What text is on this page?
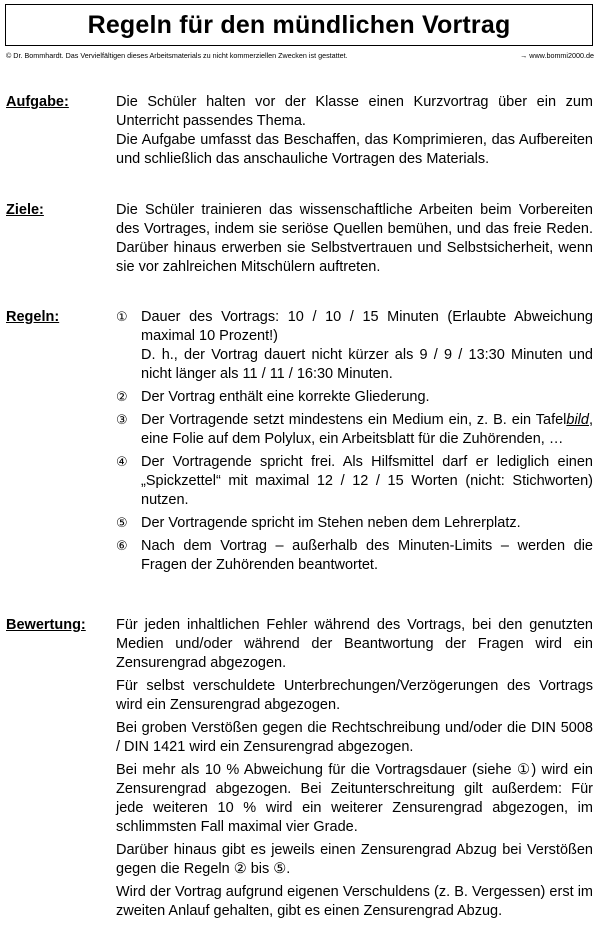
Regeln für den mündlichen Vortrag
© Dr. Bommhardt. Das Vervielfältigen dieses Arbeitsmaterials zu nicht kommerziellen Zwecken ist gestattet.	→ www.bommi2000.de
Aufgabe:	Die Schüler halten vor der Klasse einen Kurzvortrag über ein zum Unterricht passendes Thema.

Die Aufgabe umfasst das Beschaffen, das Komprimieren, das Aufbereiten und schließlich das anschauliche Vortragen des Materials.

Ziele:	Die Schüler trainieren das wissenschaftliche Arbeiten beim Vorbereiten des Vortrages, indem sie seriöse Quellen bemühen, und das freie Reden. Darüber hinaus erwerben sie Selbstvertrauen und Selbstsicherheit, wenn sie vor zahlreichen Mitschülern auftreten.

Regeln:	① Dauer des Vortrags: 10 / 10 / 15 Minuten (Erlaubte Abweichung maximal 10 Prozent!)
D. h., der Vortrag dauert nicht kürzer als 9 / 9 / 13:30 Minuten und nicht länger als 11 / 11 / 16:30 Minuten.
② Der Vortrag enthält eine korrekte Gliederung.
③ Der Vortragende setzt mindestens ein Medium ein, z. B. ein Tafelbild, eine Folie auf dem Polylux, ein Arbeitsblatt für die Zuhörenden, …
④ Der Vortragende spricht frei. Als Hilfsmittel darf er lediglich einen „Spickzettel“ mit maximal 12 / 12 / 15 Worten (nicht: Stichworten) nutzen.
⑤ Der Vortragende spricht im Stehen neben dem Lehrerplatz.
⑥ Nach dem Vortrag – außerhalb des Minuten-Limits – werden die Fragen der Zuhörenden beantwortet.
Bewertung: Für jeden inhaltlichen Fehler während des Vortrags, bei den genutzten Medien und/oder während der Beantwortung der Fragen wird ein Zensurengrad abgezogen.

Für selbst verschuldete Unterbrechungen/Verzögerungen des Vortrags wird ein Zensurengrad abgezogen.

Bei groben Verstößen gegen die Rechtschreibung und/oder die DIN 5008 / DIN 1421 wird ein Zensurengrad abgezogen.

Bei mehr als 10 % Abweichung für die Vortragsdauer (siehe ①) wird ein Zensurengrad abgezogen. Bei Zeitunterschreitung gilt außerdem: Für jede weiteren 10 % wird ein weiterer Zensurengrad abgezogen, im schlimmsten Fall maximal vier Grade.

Darüber hinaus gibt es jeweils einen Zensurengrad Abzug bei Verstößen gegen die Regeln ② bis ⑤.

Wird der Vortrag aufgrund eigenen Verschuldens (z. B. Vergessen) erst im zweiten Anlauf gehalten, gibt es einen Zensurengrad Abzug.
